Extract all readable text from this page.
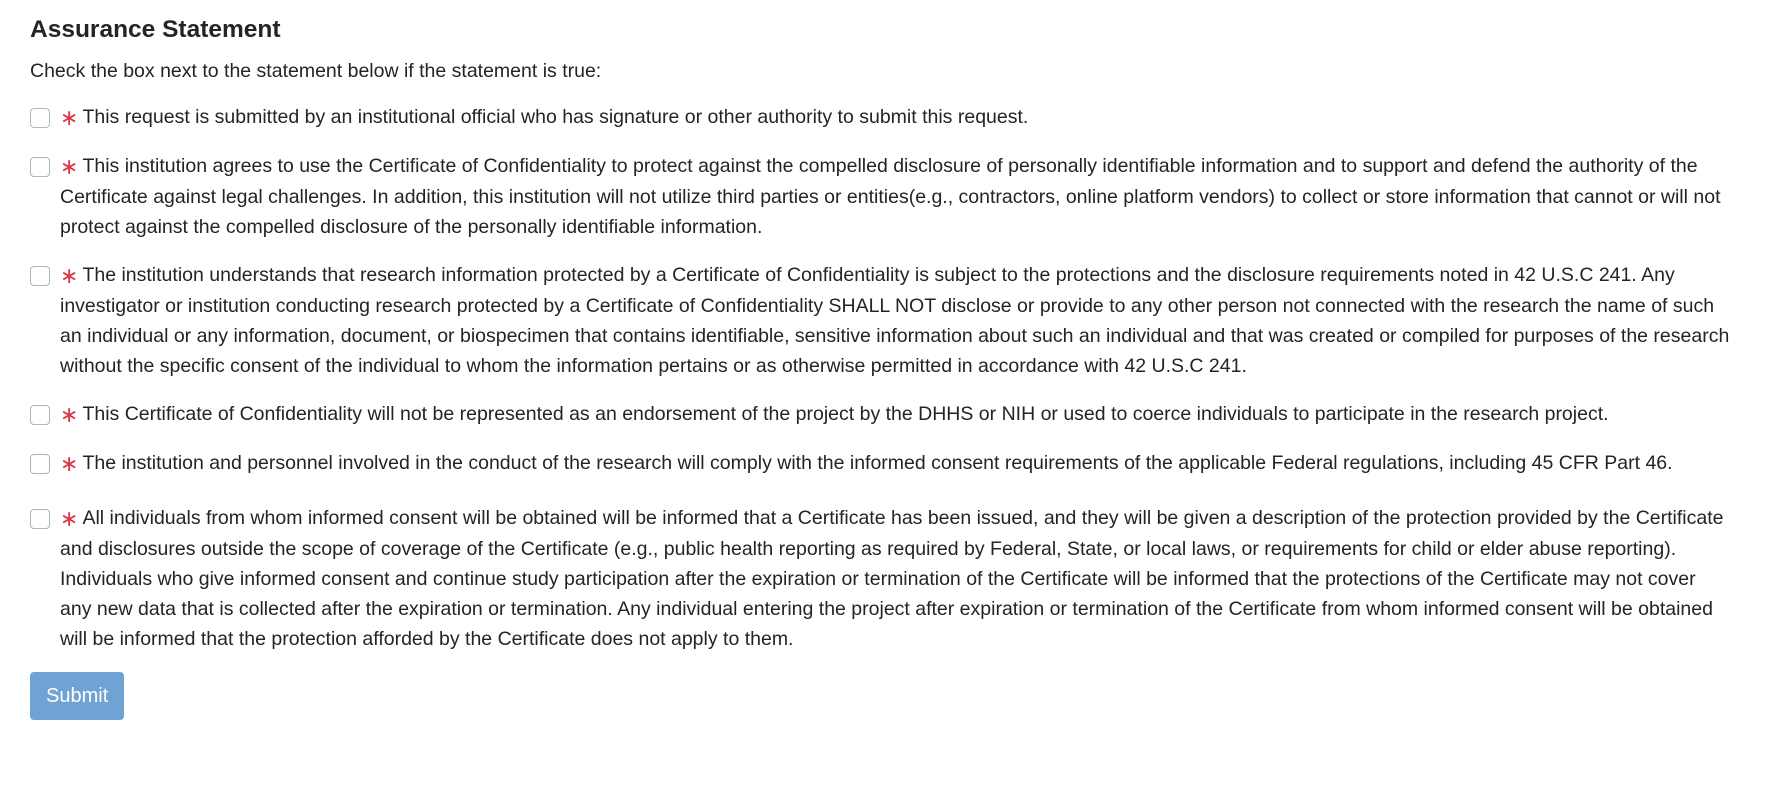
Assurance Statement

Check the box next to the statement below if the statement is true:

∗ This request is submitted by an institutional official who has signature or other authority to submit this request.
∗ This institution agrees to use the Certificate of Confidentiality to protect against the compelled disclosure of personally identifiable information and to support and defend the authority of the Certificate against legal challenges. In addition, this institution will not utilize third parties or entities(e.g., contractors, online platform vendors) to collect or store information that cannot or will not protect against the compelled disclosure of the personally identifiable information.
∗ The institution understands that research information protected by a Certificate of Confidentiality is subject to the protections and the disclosure requirements noted in 42 U.S.C 241. Any investigator or institution conducting research protected by a Certificate of Confidentiality SHALL NOT disclose or provide to any other person not connected with the research the name of such an individual or any information, document, or biospecimen that contains identifiable, sensitive information about such an individual and that was created or compiled for purposes of the research without the specific consent of the individual to whom the information pertains or as otherwise permitted in accordance with 42 U.S.C 241.
∗ This Certificate of Confidentiality will not be represented as an endorsement of the project by the DHHS or NIH or used to coerce individuals to participate in the research project.
∗ The institution and personnel involved in the conduct of the research will comply with the informed consent requirements of the applicable Federal regulations, including 45 CFR Part 46.
∗ All individuals from whom informed consent will be obtained will be informed that a Certificate has been issued, and they will be given a description of the protection provided by the Certificate and disclosures outside the scope of coverage of the Certificate (e.g., public health reporting as required by Federal, State, or local laws, or requirements for child or elder abuse reporting). Individuals who give informed consent and continue study participation after the expiration or termination of the Certificate will be informed that the protections of the Certificate may not cover any new data that is collected after the expiration or termination. Any individual entering the project after expiration or termination of the Certificate from whom informed consent will be obtained will be informed that the protection afforded by the Certificate does not apply to them.
Submit
